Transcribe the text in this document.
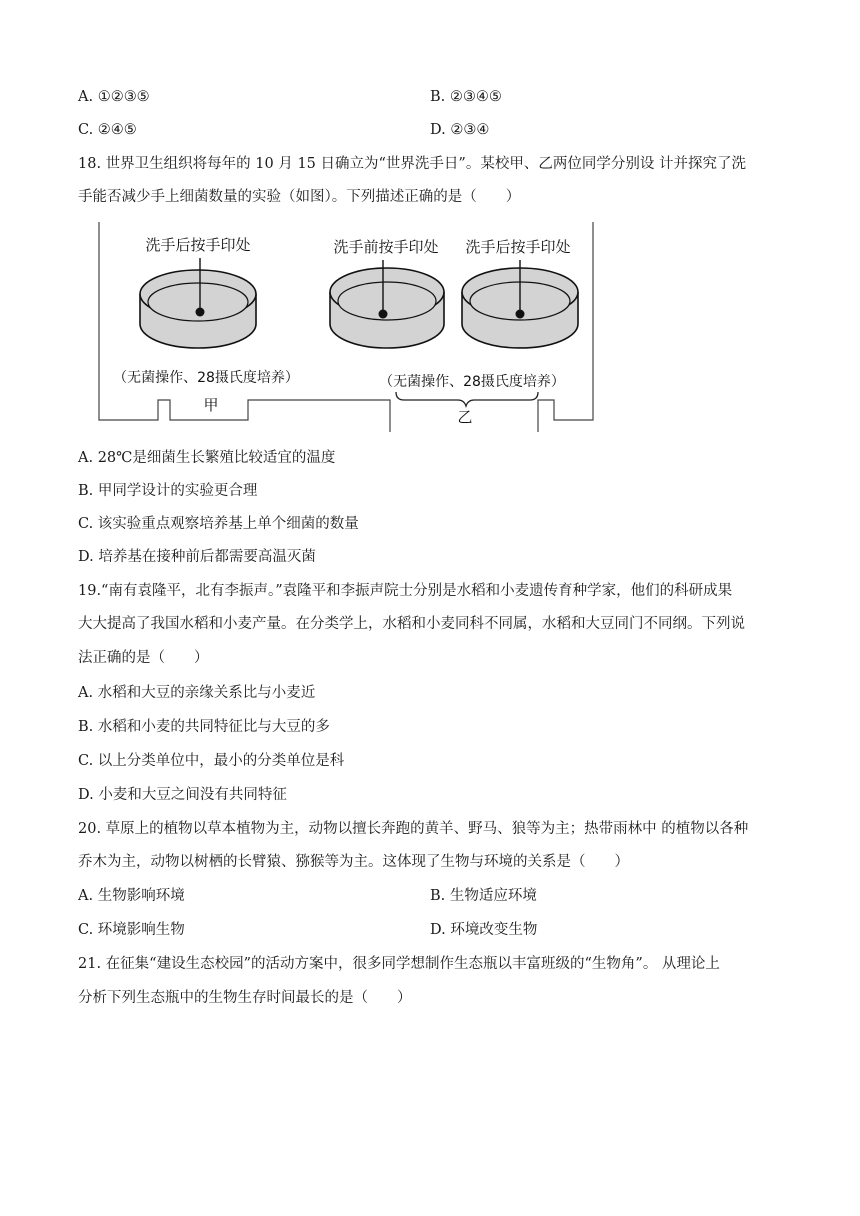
A. ①②③⑤	B. ②③④⑤
C. ②④⑤	D. ②③④
18. 世界卫生组织将每年的 10 月 15 日确立为“世界洗手日”。某校甲、乙两位同学分别设 计并探究了洗
手能否减少手上细菌数量的实验（如图）。下列描述正确的是（　　）
洗手后按手印处
（无菌操作、28摄氏度培养）
甲
洗手前按手印处 洗手后按手印处
（无菌操作、28摄氏度培养）
乙
A. 28℃是细菌生长繁殖比较适宜的温度
B. 甲同学设计的实验更合理
C. 该实验重点观察培养基上单个细菌的数量
D. 培养基在接种前后都需要高温灭菌
19.“南有袁隆平，北有李振声。”袁隆平和李振声院士分别是水稻和小麦遗传育种学家，他们的科研成果
大大提高了我国水稻和小麦产量。在分类学上，水稻和小麦同科不同属，水稻和大豆同门不同纲。下列说
法正确的是（　　）
A. 水稻和大豆的亲缘关系比与小麦近
B. 水稻和小麦的共同特征比与大豆的多
C. 以上分类单位中，最小的分类单位是科
D. 小麦和大豆之间没有共同特征
20. 草原上的植物以草本植物为主，动物以擅长奔跑的黄羊、野马、狼等为主；热带雨林中 的植物以各种
乔木为主，动物以树栖的长臂猿、猕猴等为主。这体现了生物与环境的关系是（　　）
A. 生物影响环境	B. 生物适应环境
C. 环境影响生物	D. 环境改变生物
21. 在征集“建设生态校园”的活动方案中，很多同学想制作生态瓶以丰富班级的“生物角”。 从理论上
分析下列生态瓶中的生物生存时间最长的是（　　）
